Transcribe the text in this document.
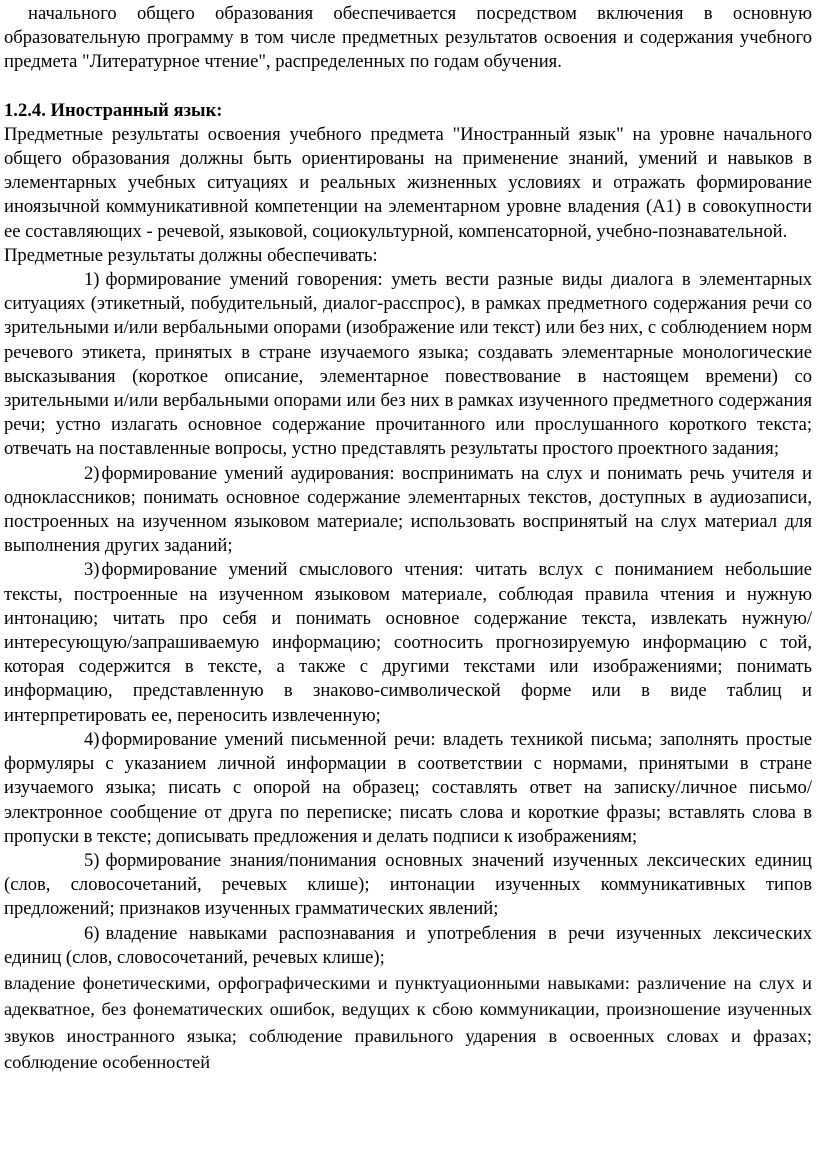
начального общего образования обеспечивается посредством включения в основную образовательную программу в том числе предметных результатов освоения и содержания учебного предмета "Литературное чтение", распределенных по годам обучения.

1.2.4. Иностранный язык:

Предметные результаты освоения учебного предмета "Иностранный язык" на уровне начального общего образования должны быть ориентированы на применение знаний, умений и навыков в элементарных учебных ситуациях и реальных жизненных условиях и отражать формирование иноязычной коммуникативной компетенции на элементарном уровне владения (А1) в совокупности ее составляющих - речевой, языковой, социокультурной, компенсаторной, учебно-познавательной.

Предметные результаты должны обеспечивать:

1) формирование умений говорения: уметь вести разные виды диалога в элементарных ситуациях (этикетный, побудительный, диалог-расспрос), в рамках предметного содержания речи со зрительными и/или вербальными опорами (изображение или текст) или без них, с соблюдением норм речевого этикета, принятых в стране изучаемого языка; создавать элементарные монологические высказывания (короткое описание, элементарное повествование в настоящем времени) со зрительными и/или вербальными опорами или без них в рамках изученного предметного содержания речи; устно излагать основное содержание прочитанного или прослушанного короткого текста; отвечать на поставленные вопросы, устно представлять результаты простого проектного задания;

2) формирование умений аудирования: воспринимать на слух и понимать речь учителя и одноклассников; понимать основное содержание элементарных текстов, доступных в аудиозаписи, построенных на изученном языковом материале; использовать воспринятый на слух материал для выполнения других заданий;

3) формирование умений смыслового чтения: читать вслух с пониманием небольшие тексты, построенные на изученном языковом материале, соблюдая правила чтения и нужную интонацию; читать про себя и понимать основное содержание текста, извлекать нужную/интересующую/запрашиваемую информацию; соотносить прогнозируемую информацию с той, которая содержится в тексте, а также с другими текстами или изображениями; понимать информацию, представленную в знаково-символической форме или в виде таблиц и интерпретировать ее, переносить извлеченную;

4) формирование умений письменной речи: владеть техникой письма; заполнять простые формуляры с указанием личной информации в соответствии с нормами, принятыми в стране изучаемого языка; писать с опорой на образец; составлять ответ на записку/личное письмо/электронное сообщение от друга по переписке; писать слова и короткие фразы; вставлять слова в пропуски в тексте; дописывать предложения и делать подписи к изображениям;

5) формирование знания/понимания основных значений изученных лексических единиц (слов, словосочетаний, речевых клише); интонации изученных коммуникативных типов предложений; признаков изученных грамматических явлений;

6) владение навыками распознавания и употребления в речи изученных лексических единиц (слов, словосочетаний, речевых клише);

владение фонетическими, орфографическими и пунктуационными навыками: различение на слух и адекватное, без фонематических ошибок, ведущих к сбою коммуникации, произношение изученных звуков иностранного языка; соблюдение правильного ударения в освоенных словах и фразах; соблюдение особенностей
